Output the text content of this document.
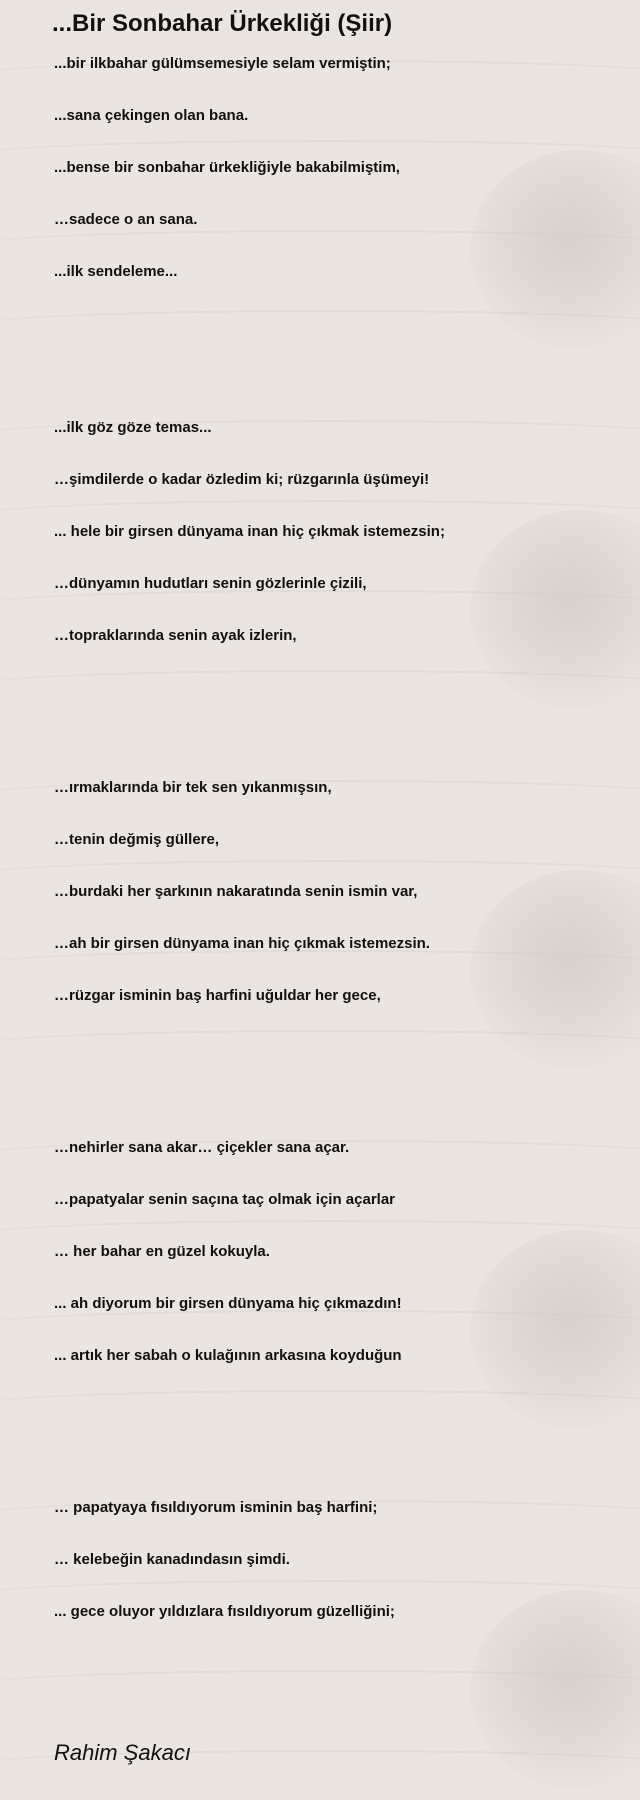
...Bir Sonbahar Ürkekliği (Şiir)
...bir ilkbahar gülümsemesiyle selam vermiştin;
...sana çekingen olan bana.
...bense bir sonbahar ürkekliğiyle bakabilmiştim,
…sadece o an sana.
...ilk sendeleme...
...ilk göz göze temas...
…şimdilerde o kadar özledim ki; rüzgarınla üşümeyi!
... hele bir girsen dünyama inan hiç çıkmak istemezsin;
…dünyamın hudutları senin gözlerinle çizili,
…topraklarında senin ayak izlerin,
…ırmaklarında bir tek sen yıkanmışsın,
…tenin değmiş güllere,
…burdaki her şarkının nakaratında senin ismin var,
…ah bir girsen dünyama inan hiç çıkmak istemezsin.
…rüzgar isminin baş harfini uğuldar her gece,
…nehirler sana akar… çiçekler sana açar.
…papatyalar senin saçına taç olmak için açarlar
… her bahar en güzel kokuyla.
... ah diyorum bir girsen dünyama hiç çıkmazdın!
... artık her sabah o kulağının arkasına koyduğun
… papatyaya fısıldıyorum isminin baş harfini;
… kelebeğin kanadındasın şimdi.
... gece oluyor yıldızlara fısıldıyorum güzelliğini;
Rahim Şakacı
